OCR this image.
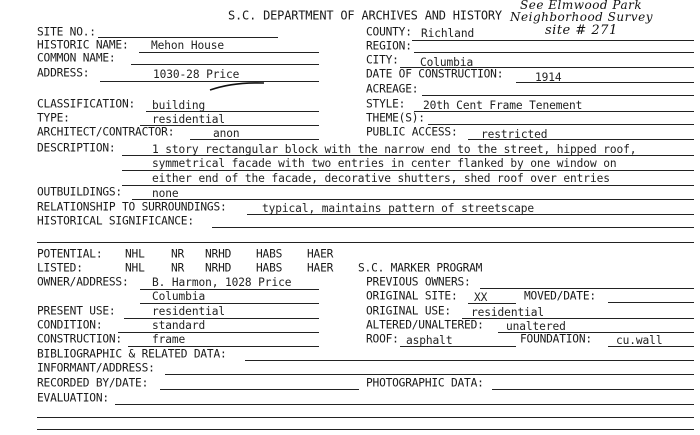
S.C. DEPARTMENT OF ARCHIVES AND HISTORY
See Elmwood Park
Neighborhood Survey
site # 271
SITE NO.:
HISTORIC NAME: Mehon House
COMMON NAME:
ADDRESS:	1030-28 Price
COUNTY: Richland
REGION:
CITY: Columbia
DATE OF CONSTRUCTION:	1914
ACREAGE:
CLASSIFICATION: building
TYPE:	residential
ARCHITECT/CONTRACTOR:	anon
STYLE: 20th Cent Frame Tenement
THEME(S):
PUBLIC ACCESS: restricted
DESCRIPTION:	1 story rectangular block with the narrow end to the street, hipped roof,
symmetrical facade with two entries in center flanked by one window on
either end of the facade, decorative shutters, shed roof over entries
OUTBUILDINGS:	none
RELATIONSHIP TO SURROUNDINGS:	typical, maintains pattern of streetscape
HISTORICAL SIGNIFICANCE:
POTENTIAL: NHL NR NRHD HABS HAER
LISTED:	NHL NR NRHD HABS HAER S.C. MARKER PROGRAM
OWNER/ADDRESS: B. Harmon, 1028 Price
Columbia
PREVIOUS OWNERS:
ORIGINAL SITE: XX	MOVED/DATE:
PRESENT USE:	residential	ORIGINAL USE: residential
CONDITION:	standard	ALTERED/UNALTERED: unaltered
CONSTRUCTION:	frame	ROOF: asphalt	FOUNDATION: cu.wall
BIBLIOGRAPHIC & RELATED DATA:
INFORMANT/ADDRESS:
RECORDED BY/DATE:	PHOTOGRAPHIC DATA:
EVALUATION:
